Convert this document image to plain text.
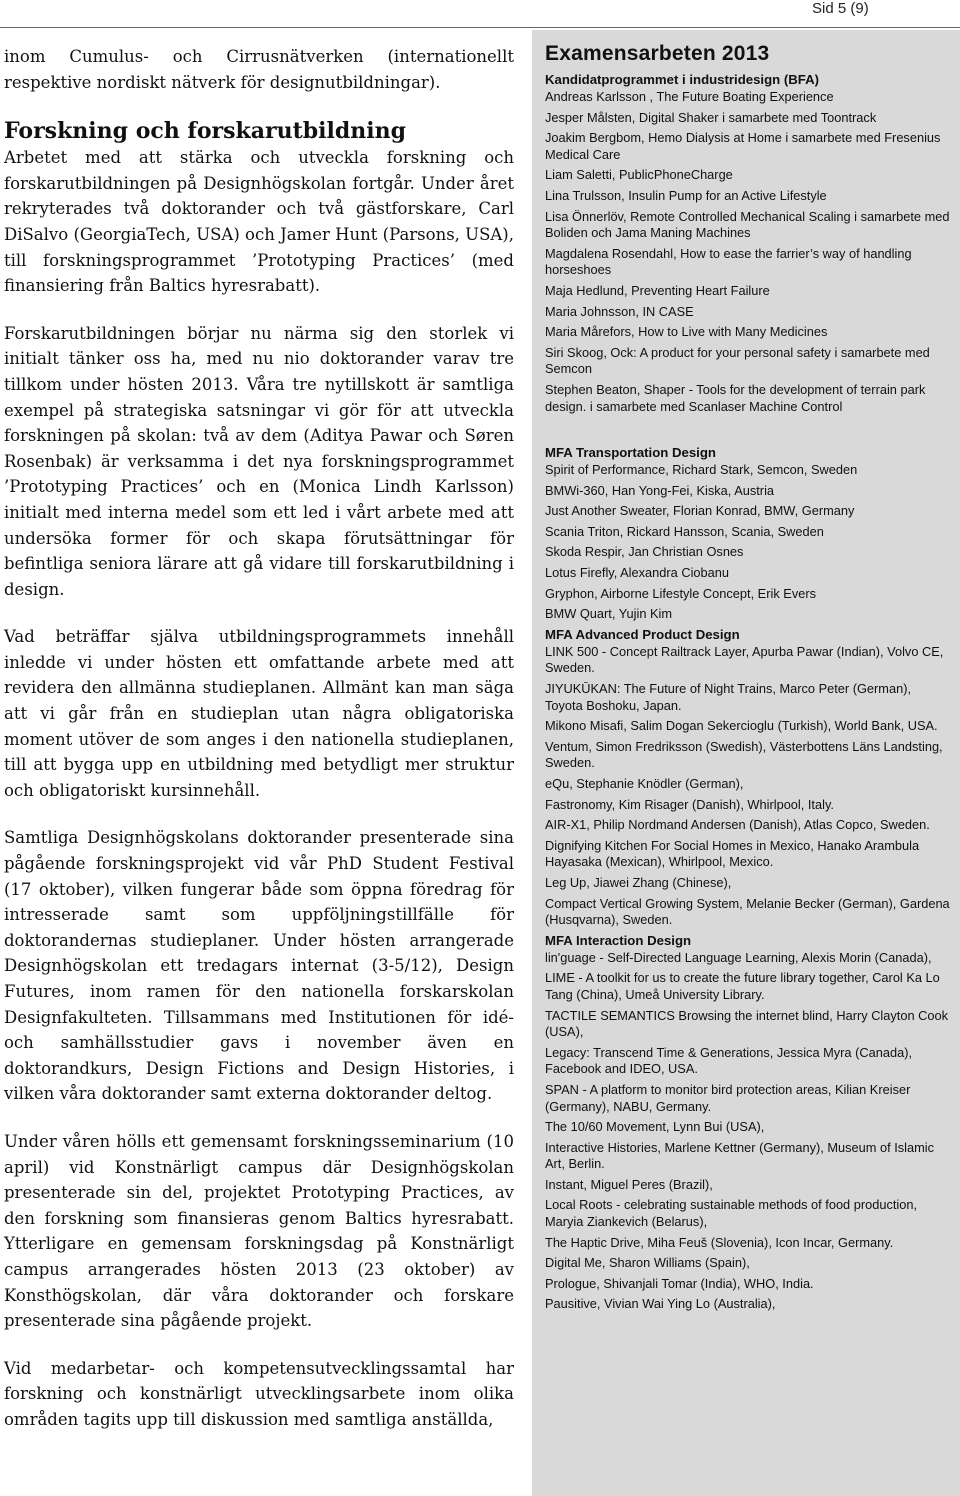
Sid 5 (9)

inom Cumulus- och Cirrusnätverken (internationellt respektive nordiskt nätverk för designutbildningar).

Forskning och forskarutbildning

Arbetet med att stärka och utveckla forskning och forskarutbildningen på Designhögskolan fortgår. Under året rekryterades två doktorander och två gästforskare, Carl DiSalvo (GeorgiaTech, USA) och Jamer Hunt (Parsons, USA), till forskningsprogrammet ’Prototyping Practices’ (med finansiering från Baltics hyresrabatt).

Forskarutbildningen börjar nu närma sig den storlek vi initialt tänker oss ha, med nu nio doktorander varav tre tillkom under hösten 2013. Våra tre nytillskott är samtliga exempel på strategiska satsningar vi gör för att utveckla forskningen på skolan: två av dem (Aditya Pawar och Søren Rosenbak) är verksamma i det nya forskningsprogrammet ’Prototyping Practices’ och en (Monica Lindh Karlsson) initialt med interna medel som ett led i vårt arbete med att undersöka former för och skapa förutsättningar för befintliga seniora lärare att gå vidare till forskarutbildning i design.

Vad beträffar själva utbildningsprogrammets innehåll inledde vi under hösten ett omfattande arbete med att revidera den allmänna studieplanen. Allmänt kan man säga att vi går från en studieplan utan några obligatoriska moment utöver de som anges i den nationella studieplanen, till att bygga upp en utbildning med betydligt mer struktur och obligatoriskt kursinnehåll.

Samtliga Designhögskolans doktorander presenterade sina pågående forskningsprojekt vid vår PhD Student Festival (17 oktober), vilken fungerar både som öppna föredrag för intresserade samt som uppföljningstillfälle för doktorandernas studieplaner. Under hösten arrangerade Designhögskolan ett tredagars internat (3-5/12), Design Futures, inom ramen för den nationella forskarskolan Designfakulteten. Tillsammans med Institutionen för idé- och samhällsstudier gavs i november även en doktorandkurs, Design Fictions and Design Histories, i vilken våra doktorander samt externa doktorander deltog.

Under våren hölls ett gemensamt forskningsseminarium (10 april) vid Konstnärligt campus där Designhögskolan presenterade sin del, projektet Prototyping Practices, av den forskning som finansieras genom Baltics hyresrabatt. Ytterligare en gemensam forskningsdag på Konstnärligt campus arrangerades hösten 2013 (23 oktober) av Konsthögskolan, där våra doktorander och forskare presenterade sina pågående projekt.

Vid medarbetar- och kompetensutvecklingssamtal har forskning och konstnärligt utvecklingsarbete inom olika områden tagits upp till diskussion med samtliga anställda,

Examensarbeten 2013
Kandidatprogrammet i industridesign (BFA)
Andreas Karlsson , The Future Boating Experience
Jesper Målsten, Digital Shaker i samarbete med Toontrack
Joakim Bergbom, Hemo Dialysis at Home i samarbete med Fresenius Medical Care
Liam Saletti, PublicPhoneCharge
Lina Trulsson, Insulin Pump for an Active Lifestyle
Lisa Önnerlöv, Remote Controlled Mechanical Scaling i samarbete med Boliden och Jama Maning Machines
Magdalena Rosendahl, How to ease the farrier’s way of handling horseshoes
Maja Hedlund, Preventing Heart Failure
Maria Johnsson, IN CASE
Maria Mårefors, How to Live with Many Medicines
Siri Skoog, Ock: A product for your personal safety i samarbete med Semcon
Stephen Beaton, Shaper - Tools for the development of terrain park design. i samarbete med Scanlaser Machine Control
MFA Transportation Design
Spirit of Performance, Richard Stark, Semcon, Sweden
BMWi-360, Han Yong-Fei, Kiska, Austria
Just Another Sweater, Florian Konrad, BMW, Germany
Scania Triton, Rickard Hansson, Scania, Sweden
Skoda Respir, Jan Christian Osnes
Lotus Firefly, Alexandra Ciobanu
Gryphon, Airborne Lifestyle Concept, Erik Evers
BMW Quart, Yujin Kim
MFA Advanced Product Design
LINK 500 - Concept Railtrack Layer, Apurba Pawar (Indian), Volvo CE, Sweden.
JIYUKŪKAN: The Future of Night Trains, Marco Peter (German), Toyota Boshoku, Japan.
Mikono Misafi, Salim Dogan Sekercioglu (Turkish), World Bank, USA.
Ventum, Simon Fredriksson (Swedish), Västerbottens Läns Landsting, Sweden.
eQu, Stephanie Knödler (German),
Fastronomy, Kim Risager (Danish), Whirlpool, Italy.
AIR-X1, Philip Nordmand Andersen (Danish), Atlas Copco, Sweden.
Dignifying Kitchen For Social Homes in Mexico, Hanako Arambula Hayasaka (Mexican), Whirlpool, Mexico.
Leg Up, Jiawei Zhang (Chinese),
Compact Vertical Growing System, Melanie Becker (German), Gardena (Husqvarna), Sweden.
MFA Interaction Design
lin'guage - Self-Directed Language Learning, Alexis Morin (Canada),
LIME - A toolkit for us to create the future library together, Carol Ka Lo Tang (China), Umeå University Library.
TACTILE SEMANTICS Browsing the internet blind, Harry Clayton Cook (USA),
Legacy: Transcend Time & Generations, Jessica Myra (Canada), Facebook and IDEO, USA.
SPAN - A platform to monitor bird protection areas, Kilian Kreiser (Germany), NABU, Germany.
The 10/60 Movement, Lynn Bui (USA),
Interactive Histories, Marlene Kettner (Germany), Museum of Islamic Art, Berlin.
Instant, Miguel Peres (Brazil),
Local Roots - celebrating sustainable methods of food production, Maryia Ziankevich (Belarus),
The Haptic Drive, Miha Feuš (Slovenia), Icon Incar, Germany.
Digital Me, Sharon Williams (Spain),
Prologue, Shivanjali Tomar (India), WHO, India.
Pausitive, Vivian Wai Ying Lo (Australia),
